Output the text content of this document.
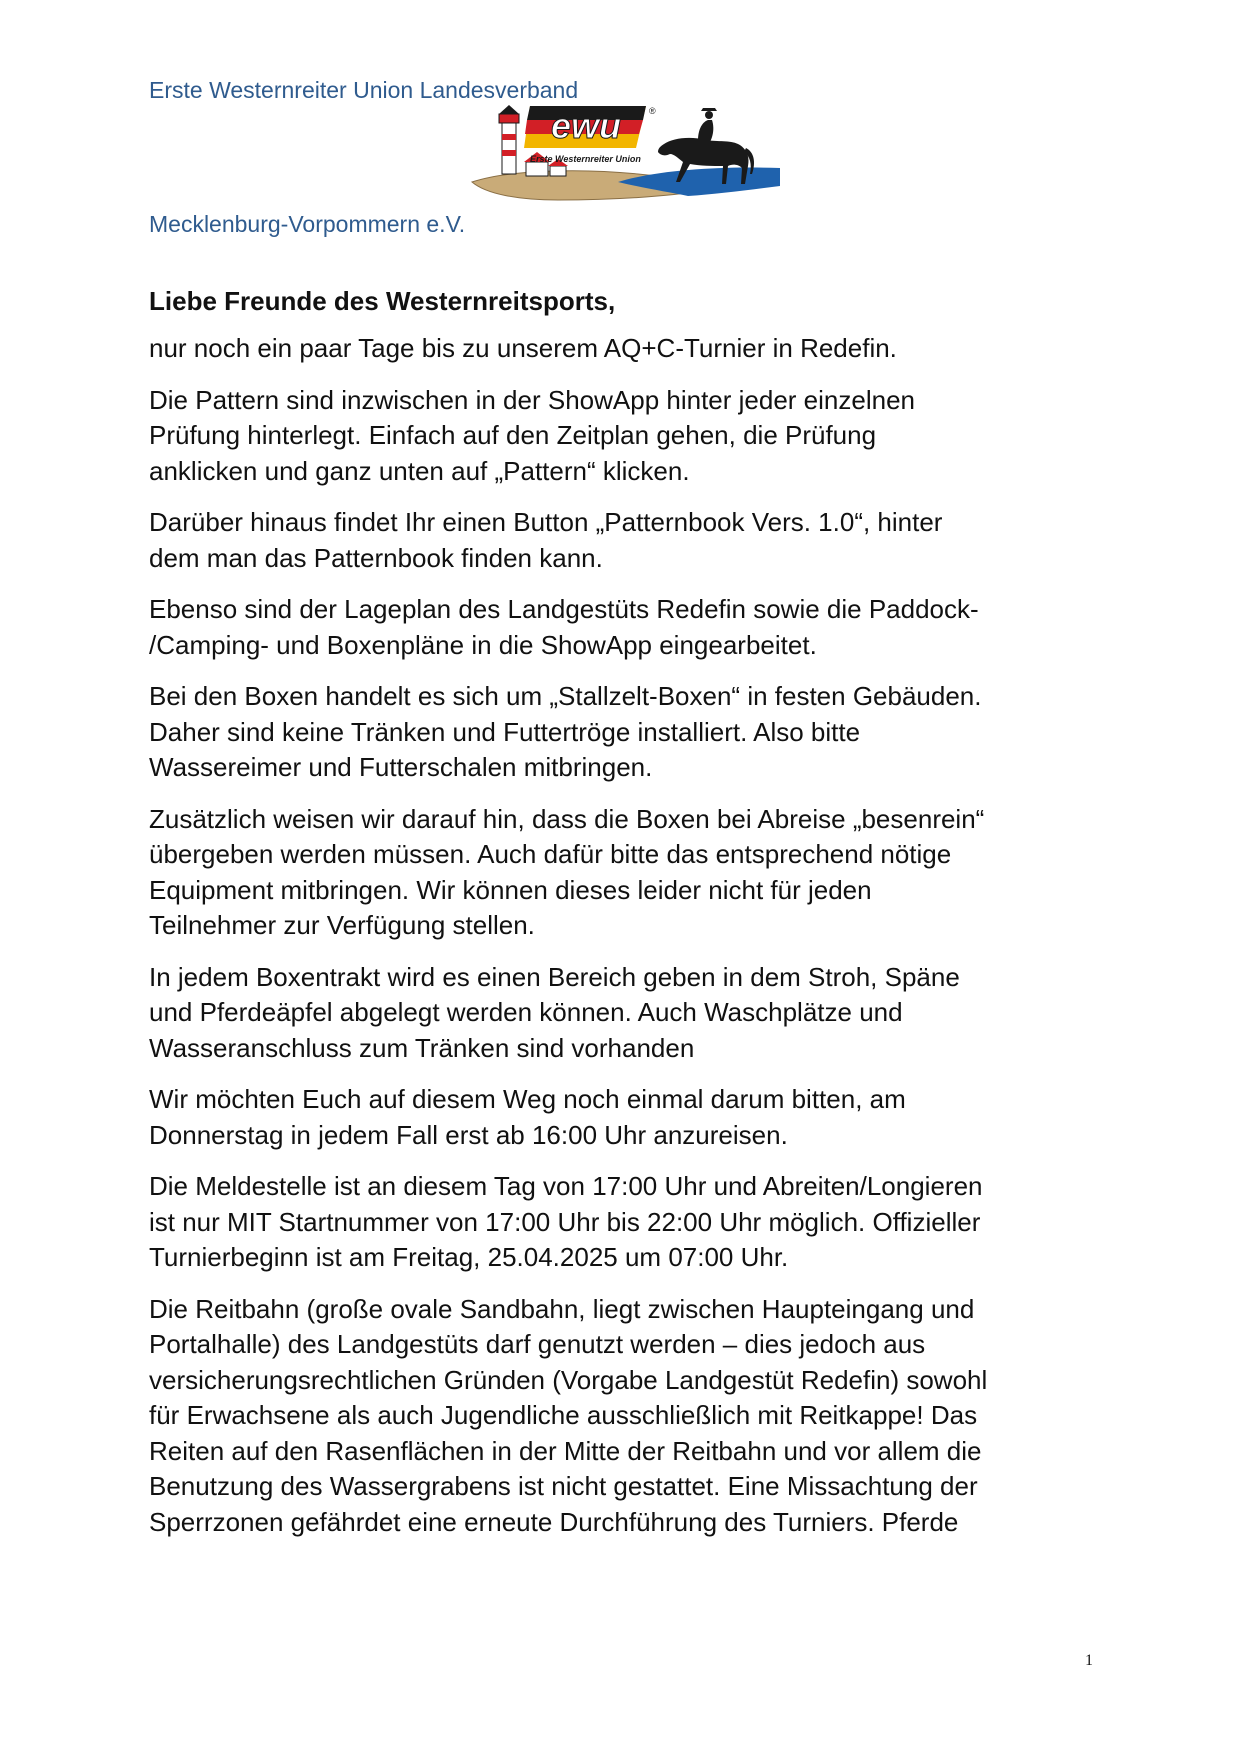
Erste Westernreiter Union Landesverband
ewu	®
Erste Westernreiter Union
Mecklenburg-Vorpommern e.V.
Liebe Freunde des Westernreitsports,

nur noch ein paar Tage bis zu unserem AQ+C-Turnier in Redefin.

Die Pattern sind inzwischen in der ShowApp hinter jeder einzelnen
Prüfung hinterlegt. Einfach auf den Zeitplan gehen, die Prüfung
anklicken und ganz unten auf „Pattern“ klicken.

Darüber hinaus findet Ihr einen Button „Patternbook Vers. 1.0“, hinter
dem man das Patternbook finden kann.

Ebenso sind der Lageplan des Landgestüts Redefin sowie die Paddock-
/Camping- und Boxenpläne in die ShowApp eingearbeitet.

Bei den Boxen handelt es sich um „Stallzelt-Boxen“ in festen Gebäuden.
Daher sind keine Tränken und Futtertröge installiert. Also bitte
Wassereimer und Futterschalen mitbringen.

Zusätzlich weisen wir darauf hin, dass die Boxen bei Abreise „besenrein“
übergeben werden müssen. Auch dafür bitte das entsprechend nötige
Equipment mitbringen. Wir können dieses leider nicht für jeden
Teilnehmer zur Verfügung stellen.

In jedem Boxentrakt wird es einen Bereich geben in dem Stroh, Späne
und Pferdeäpfel abgelegt werden können. Auch Waschplätze und
Wasseranschluss zum Tränken sind vorhanden

Wir möchten Euch auf diesem Weg noch einmal darum bitten, am
Donnerstag in jedem Fall erst ab 16:00 Uhr anzureisen.

Die Meldestelle ist an diesem Tag von 17:00 Uhr und Abreiten/Longieren
ist nur MIT Startnummer von 17:00 Uhr bis 22:00 Uhr möglich. Offizieller
Turnierbeginn ist am Freitag, 25.04.2025 um 07:00 Uhr.

Die Reitbahn (große ovale Sandbahn, liegt zwischen Haupteingang und
Portalhalle) des Landgestüts darf genutzt werden – dies jedoch aus
versicherungsrechtlichen Gründen (Vorgabe Landgestüt Redefin) sowohl
für Erwachsene als auch Jugendliche ausschließlich mit Reitkappe! Das
Reiten auf den Rasenflächen in der Mitte der Reitbahn und vor allem die
Benutzung des Wassergrabens ist nicht gestattet. Eine Missachtung der
Sperrzonen gefährdet eine erneute Durchführung des Turniers. Pferde

1
